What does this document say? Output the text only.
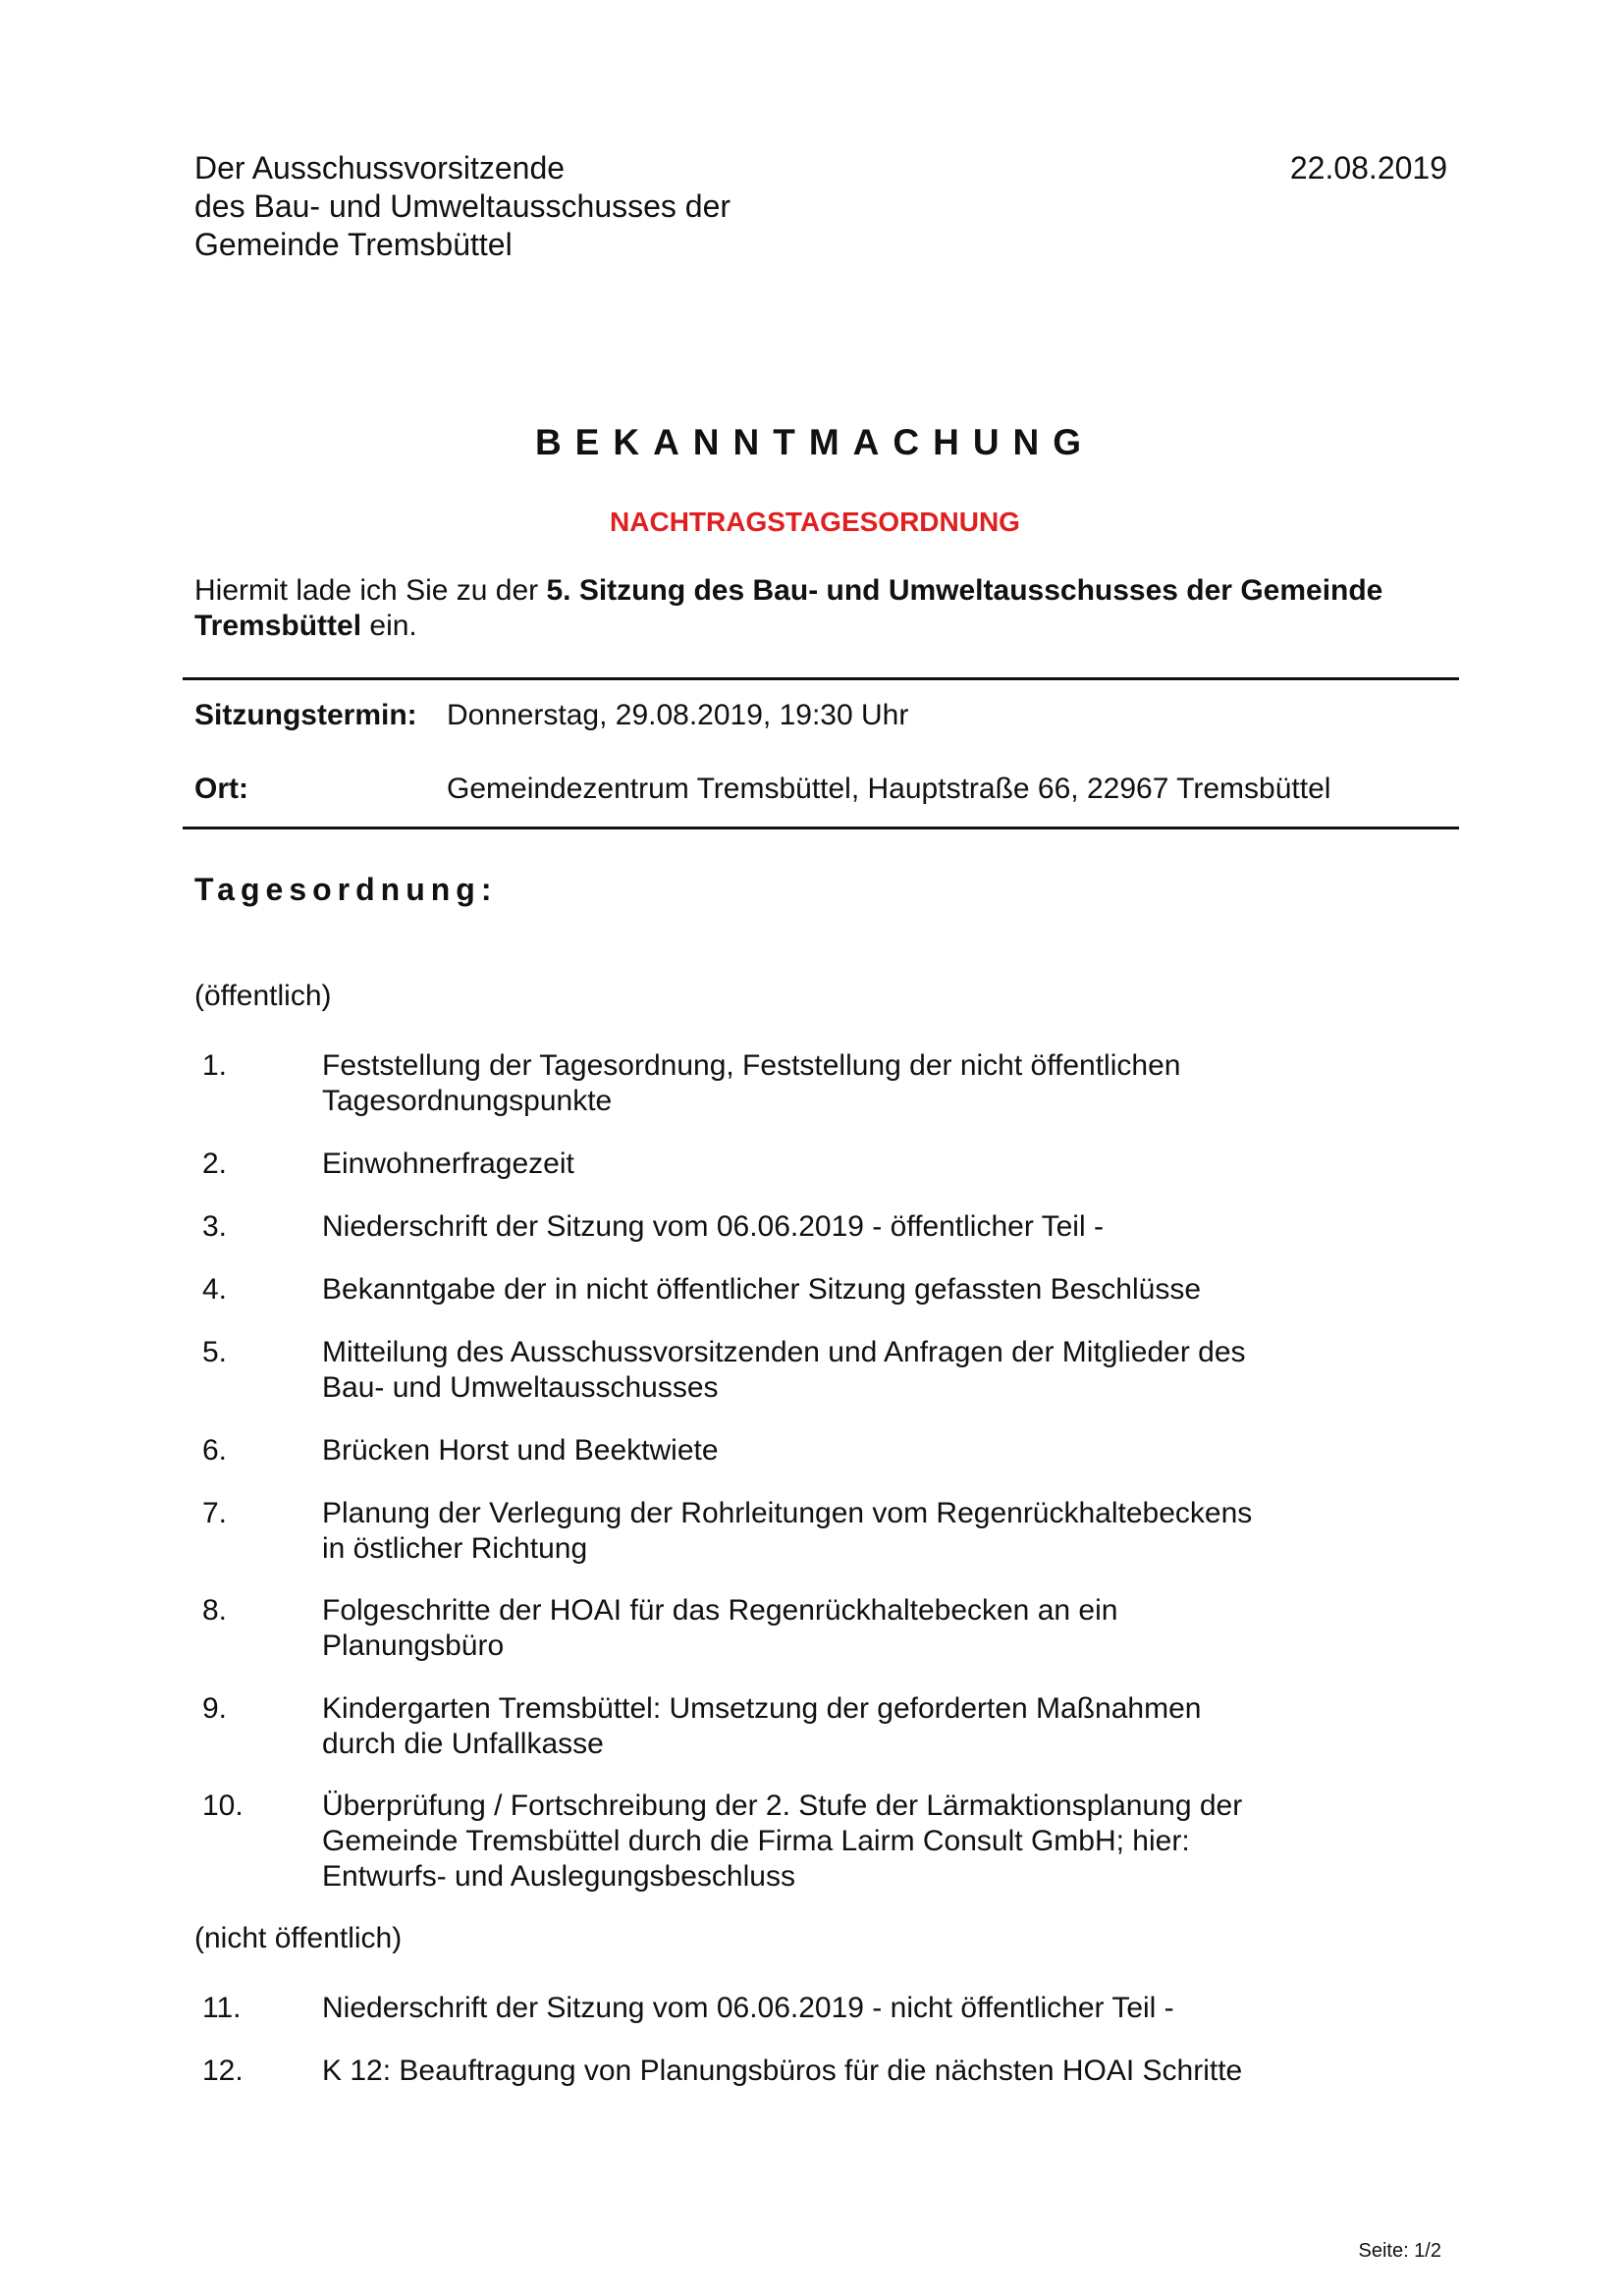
Der Ausschussvorsitzende
des Bau- und Umweltausschusses der
Gemeinde Tremsbüttel
22.08.2019
BEKANNTMACHUNG
NACHTRAGSTAGESORDNUNG
Hiermit lade ich Sie zu der 5. Sitzung des Bau- und Umweltausschusses der Gemeinde Tremsbüttel ein.
Sitzungstermin: Donnerstag, 29.08.2019, 19:30 Uhr
Ort:	Gemeindezentrum Tremsbüttel, Hauptstraße 66, 22967 Tremsbüttel
Tagesordnung:
(öffentlich)
1.	Feststellung der Tagesordnung, Feststellung der nicht öffentlichen Tagesordnungspunkte
2.	Einwohnerfragezeit
3.	Niederschrift der Sitzung vom 06.06.2019 - öffentlicher Teil -
4.	Bekanntgabe der in nicht öffentlicher Sitzung gefassten Beschlüsse
5.	Mitteilung des Ausschussvorsitzenden und Anfragen der Mitglieder des Bau- und Umweltausschusses
6.	Brücken Horst und Beektwiete
7.	Planung der Verlegung der Rohrleitungen vom Regenrückhaltebeckens in östlicher Richtung
8.	Folgeschritte der HOAI für das Regenrückhaltebecken an ein Planungsbüro
9.	Kindergarten Tremsbüttel: Umsetzung der geforderten Maßnahmen durch die Unfallkasse
10.	Überprüfung / Fortschreibung der 2. Stufe der Lärmaktionsplanung der Gemeinde Tremsbüttel durch die Firma Lairm Consult GmbH; hier: Entwurfs- und Auslegungsbeschluss
(nicht öffentlich)
11.	Niederschrift der Sitzung vom 06.06.2019 - nicht öffentlicher Teil -
12.	K 12: Beauftragung von Planungsbüros für die nächsten HOAI Schritte
Seite: 1/2
